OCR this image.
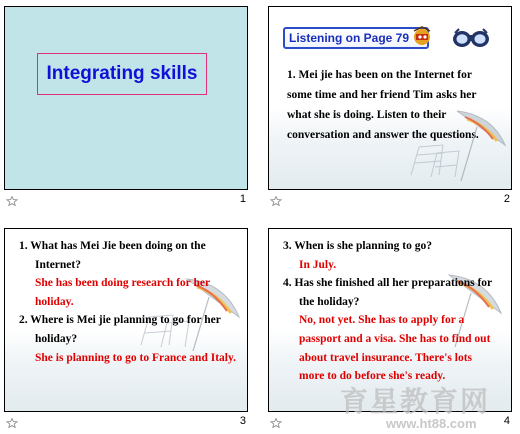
Integrating skills
1
Listening on Page 79
1. Mei jie has been on the Internet for some time and her friend Tim asks her what she is doing. Listen to their conversation and answer the questions.
2
1. What has Mei Jie been doing on the Internet?
She has been doing research for her holiday.
2. Where is Mei jie planning to go for her holiday?
She is planning to go to France and Italy.
3
3. When is she planning to go?
In July.
4. Has she finished all her preparations for the holiday?
No, not yet. She has to apply for a passport and a visa. She has to find out about travel insurance. There's lots more to do before she's ready.
4
育星教育网
www.ht88.com
